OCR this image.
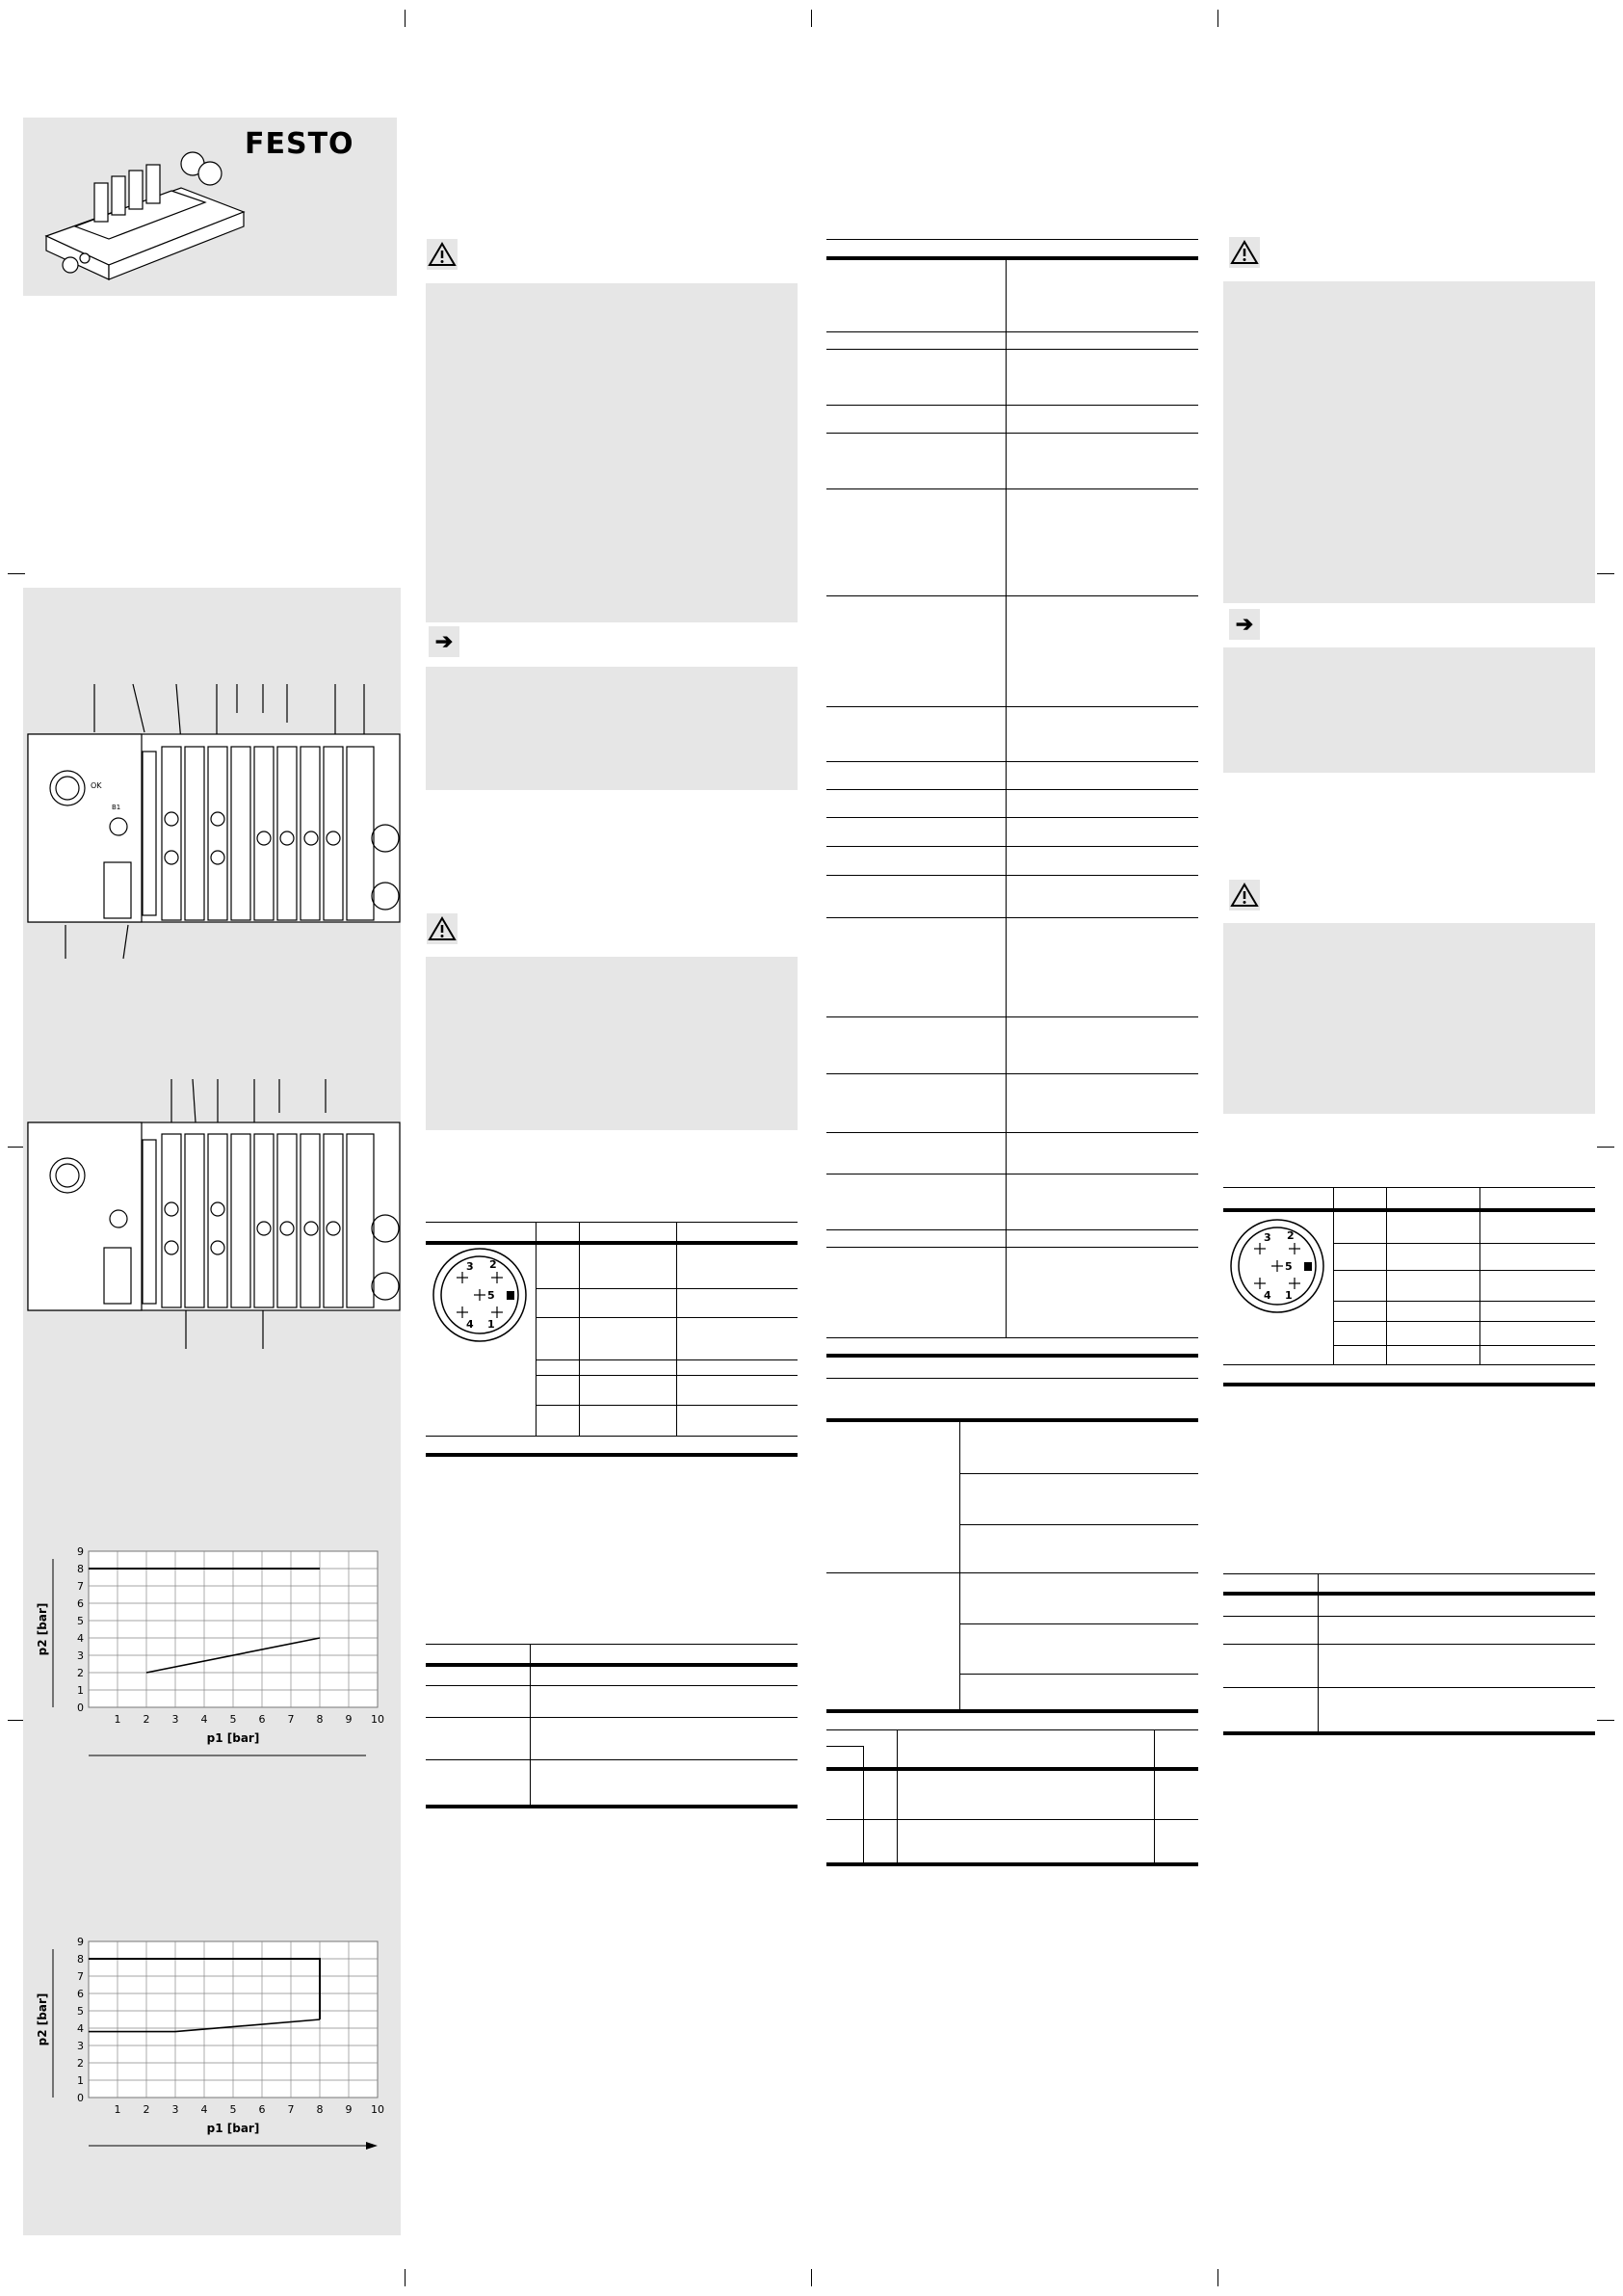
FESTO
OK
B1
1 2 3 4 5 6 7 8 9 10
0
1
2
3
4
5
6
7
8
9
p1 [bar]
p2 [bar]
1 2 3 4 5 6 7 8 9 10
0
1
2
3
4
5
6
7
8
9
p1 [bar]
p2 [bar]
➔
3 2
5
4 1
➔
3 2
5
4 1
